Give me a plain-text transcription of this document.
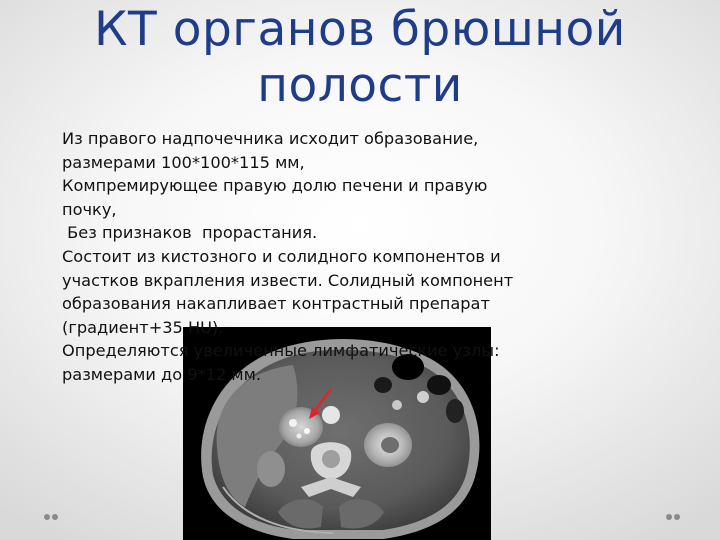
КТ органов брюшной полости
Из правого надпочечника исходит образование,
размерами 100*100*115 мм,
Компремирующее правую долю печени и правую
почку,
Без признаков  прорастания.
Состоит из кистозного и солидного компонентов и
участков вкрапления извести. Солидный компонент
образования накапливает контрастный препарат
(градиент+35 HU).
Определяются увеличенные лимфатические узлы:
размерами до 9*12 мм.
